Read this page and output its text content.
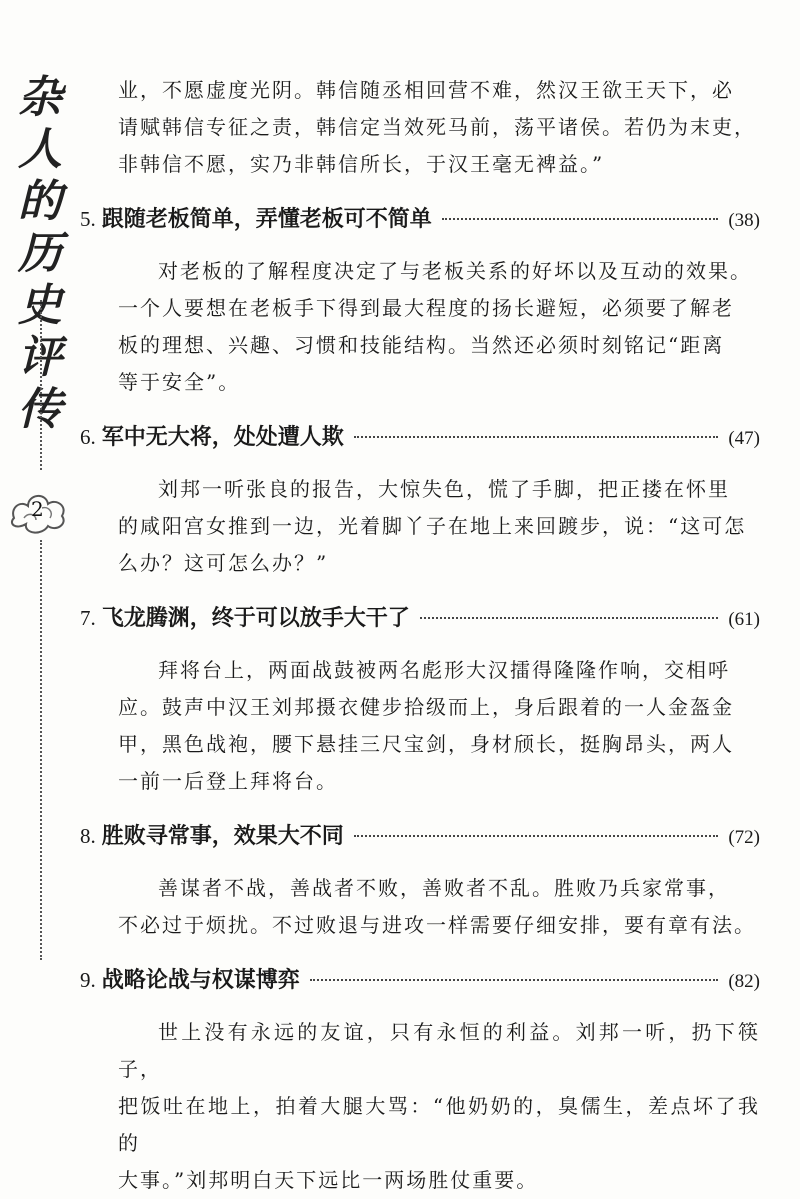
杂
人
的
历
史
评
传
2

业，不愿虚度光阴。韩信随丞相回营不难，然汉王欲王天下，必

请赋韩信专征之责，韩信定当效死马前，荡平诸侯。若仍为末吏，

非韩信不愿，实乃非韩信所长，于汉王毫无裨益。”

5. 跟随老板简单，弄懂老板可不简单	(38)

对老板的了解程度决定了与老板关系的好坏以及互动的效果。

一个人要想在老板手下得到最大程度的扬长避短，必须要了解老

板的理想、兴趣、习惯和技能结构。当然还必须时刻铭记“距离

等于安全”。

6. 军中无大将，处处遭人欺	(47)

刘邦一听张良的报告，大惊失色，慌了手脚，把正搂在怀里

的咸阳宫女推到一边，光着脚丫子在地上来回踱步，说：“这可怎

么办？这可怎么办？”

7. 飞龙腾渊，终于可以放手大干了	(61)

拜将台上，两面战鼓被两名彪形大汉擂得隆隆作响，交相呼

应。鼓声中汉王刘邦摄衣健步拾级而上，身后跟着的一人金盔金

甲，黑色战袍，腰下悬挂三尺宝剑，身材颀长，挺胸昂头，两人

一前一后登上拜将台。

8. 胜败寻常事，效果大不同	(72)

善谋者不战，善战者不败，善败者不乱。胜败乃兵家常事，

不必过于烦扰。不过败退与进攻一样需要仔细安排，要有章有法。

9. 战略论战与权谋博弈	(82)

世上没有永远的友谊，只有永恒的利益。刘邦一听，扔下筷子，

把饭吐在地上，拍着大腿大骂：“他奶奶的，臭儒生，差点坏了我的

大事。”刘邦明白天下远比一两场胜仗重要。
